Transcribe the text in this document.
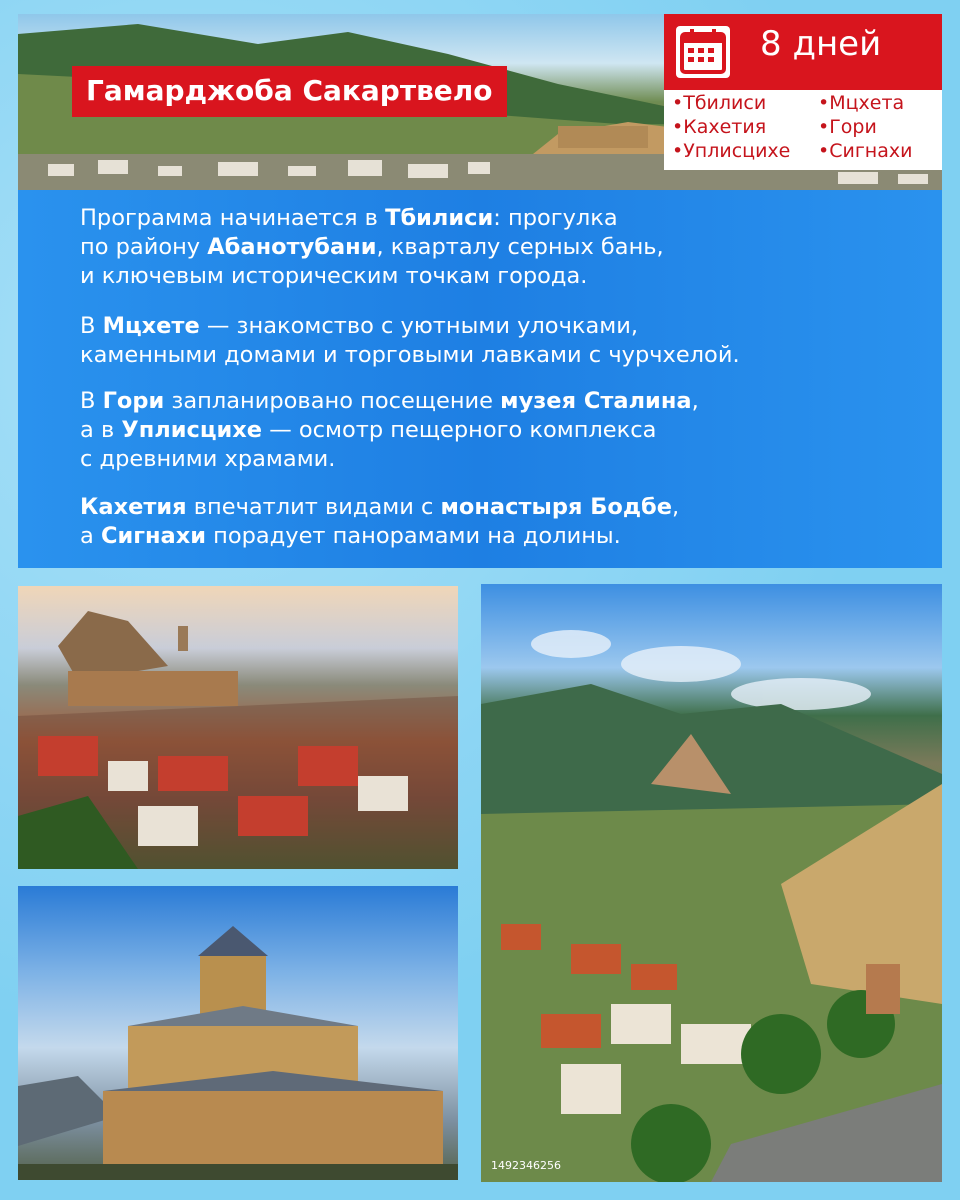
Гамарджоба Сакартвело
8 дней
•Тбилиси
•Кахетия
•Уплисцихе
•Мцхета
•Гори
•Сигнахи
Программа начинается в Тбилиси: прогулка
по району Абанотубани, кварталу серных бань,
и ключевым историческим точкам города.
В Мцхете — знакомство с уютными улочками,
каменными домами и торговыми лавками с чурчхелой.
В Гори запланировано посещение музея Сталина,
а в Уплисцихе — осмотр пещерного комплекса
с древними храмами.
Кахетия впечатлит видами с монастыря Бодбе,
а Сигнахи порадует панорамами на долины.
1492346256
